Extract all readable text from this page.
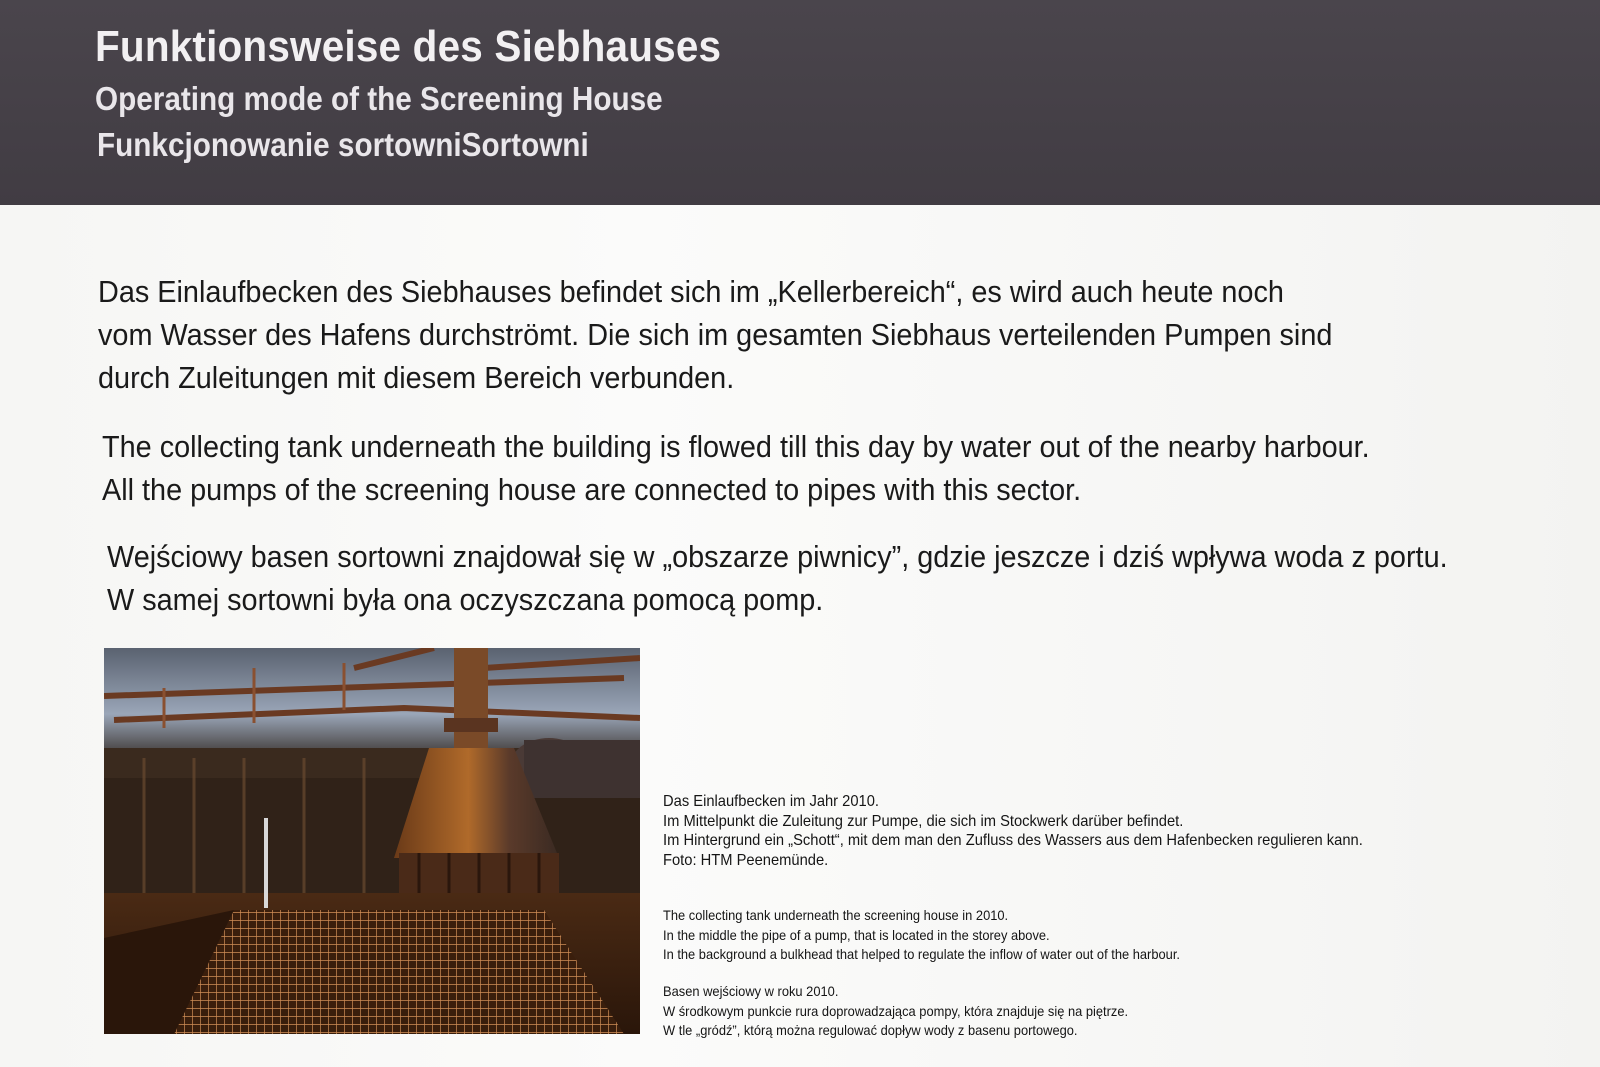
Funktionsweise des Siebhauses
Operating mode of the Screening House
Funkcjonowanie sortowniSortowni
Das Einlaufbecken des Siebhauses befindet sich im „Kellerbereich“, es wird auch heute noch
vom Wasser des Hafens durchströmt. Die sich im gesamten Siebhaus verteilenden Pumpen sind
durch Zuleitungen mit diesem Bereich verbunden.
The collecting tank underneath the building is flowed till this day by water out of the nearby harbour.
All the pumps of the screening house are connected to pipes with this sector.
Wejściowy basen sortowni znajdował się w „obszarze piwnicy”, gdzie jeszcze i dziś wpływa woda z portu.
W samej sortowni była ona oczyszczana pomocą pomp.
Das Einlaufbecken im Jahr 2010.
Im Mittelpunkt die Zuleitung zur Pumpe, die sich im Stockwerk darüber befindet.
Im Hintergrund ein „Schott“, mit dem man den Zufluss des Wassers aus dem Hafenbecken regulieren kann.
Foto: HTM Peenemünde.
The collecting tank underneath the screening house in 2010.
In the middle the pipe of a pump, that is located in the storey above.
In the background a bulkhead that helped to regulate the inflow of water out of the harbour.
Basen wejściowy w roku 2010.
W środkowym punkcie rura doprowadzająca pompy, która znajduje się na piętrze.
W tle „gródź”, którą można regulować dopływ wody z basenu portowego.
